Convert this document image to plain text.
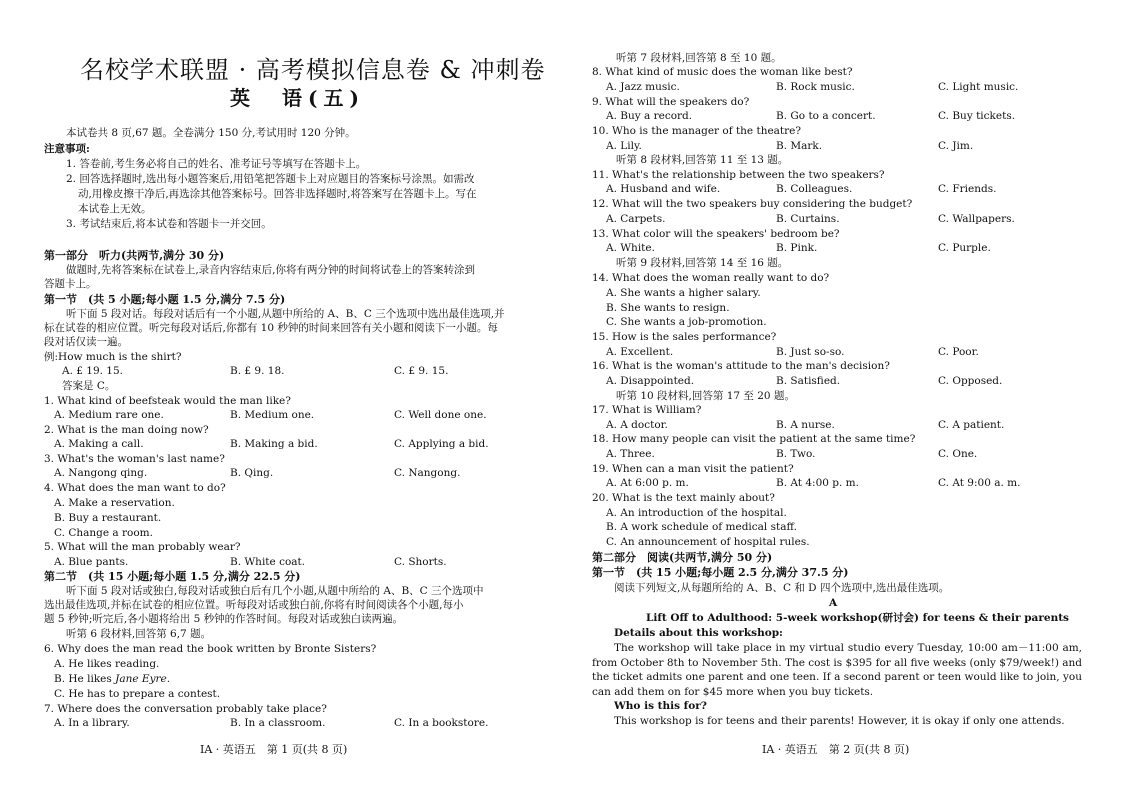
名校学术联盟 · 高考模拟信息卷 & 冲刺卷
英　语(五)
本试卷共 8 页,67 题。全卷满分 150 分,考试用时 120 分钟。
注意事项:
1. 答卷前,考生务必将自己的姓名、准考证号等填写在答题卡上。
2. 回答选择题时,选出每小题答案后,用铅笔把答题卡上对应题目的答案标号涂黑。如需改
动,用橡皮擦干净后,再选涂其他答案标号。回答非选择题时,将答案写在答题卡上。写在
本试卷上无效。
3. 考试结束后,将本试卷和答题卡一并交回。
第一部分　听力(共两节,满分 30 分)
做题时,先将答案标在试卷上,录音内容结束后,你将有两分钟的时间将试卷上的答案转涂到
答题卡上。
第一节　(共 5 小题;每小题 1.5 分,满分 7.5 分)
听下面 5 段对话。每段对话后有一个小题,从题中所给的 A、B、C 三个选项中选出最佳选项,并
标在试卷的相应位置。听完每段对话后,你都有 10 秒钟的时间来回答有关小题和阅读下一小题。每
段对话仅读一遍。
例:How much is the shirt?
A. £ 19. 15.	B. £ 9. 18.	C. £ 9. 15.
答案是 C。
1. What kind of beefsteak would the man like?
A. Medium rare one.	B. Medium one.	C. Well done one.
2. What is the man doing now?
A. Making a call.	B. Making a bid.	C. Applying a bid.
3. What's the woman's last name?
A. Nangong qing.	B. Qing.	C. Nangong.
4. What does the man want to do?
A. Make a reservation.
B. Buy a restaurant.
C. Change a room.
5. What will the man probably wear?
A. Blue pants.	B. White coat.	C. Shorts.
第二节　(共 15 小题;每小题 1.5 分,满分 22.5 分)
听下面 5 段对话或独白,每段对话或独白后有几个小题,从题中所给的 A、B、C 三个选项中
选出最佳选项,并标在试卷的相应位置。听每段对话或独白前,你将有时间阅读各个小题,每小
题 5 秒钟;听完后,各小题将给出 5 秒钟的作答时间。每段对话或独白读两遍。
听第 6 段材料,回答第 6,7 题。
6. Why does the man read the book written by Bronte Sisters?
A. He likes reading.
B. He likes Jane Eyre.
C. He has to prepare a contest.
7. Where does the conversation probably take place?
A. In a library.	B. In a classroom.	C. In a bookstore.
ⅠA · 英语五　第 1 页(共 8 页)
听第 7 段材料,回答第 8 至 10 题。
8. What kind of music does the woman like best?
A. Jazz music.	B. Rock music.	C. Light music.
9. What will the speakers do?
A. Buy a record.	B. Go to a concert.	C. Buy tickets.
10. Who is the manager of the theatre?
A. Lily.	B. Mark.	C. Jim.
听第 8 段材料,回答第 11 至 13 题。
11. What's the relationship between the two speakers?
A. Husband and wife.	B. Colleagues.	C. Friends.
12. What will the two speakers buy considering the budget?
A. Carpets.	B. Curtains.	C. Wallpapers.
13. What color will the speakers' bedroom be?
A. White.	B. Pink.	C. Purple.
听第 9 段材料,回答第 14 至 16 题。
14. What does the woman really want to do?
A. She wants a higher salary.
B. She wants to resign.
C. She wants a job-promotion.
15. How is the sales performance?
A. Excellent.	B. Just so-so.	C. Poor.
16. What is the woman's attitude to the man's decision?
A. Disappointed.	B. Satisfied.	C. Opposed.
听第 10 段材料,回答第 17 至 20 题。
17. What is William?
A. A doctor.	B. A nurse.	C. A patient.
18. How many people can visit the patient at the same time?
A. Three.	B. Two.	C. One.
19. When can a man visit the patient?
A. At 6:00 p. m.	B. At 4:00 p. m.	C. At 9:00 a. m.
20. What is the text mainly about?
A. An introduction of the hospital.
B. A work schedule of medical staff.
C. An announcement of hospital rules.
第二部分　阅读(共两节,满分 50 分)
第一节　(共 15 小题;每小题 2.5 分,满分 37.5 分)
阅读下列短文,从每题所给的 A、B、C 和 D 四个选项中,选出最佳选项。
A
Lift Off to Adulthood: 5-week workshop(研讨会) for teens & their parents
Details about this workshop:
The workshop will take place in my virtual studio every Tuesday, 10:00 am－11:00 am, from October 8th to November 5th. The cost is $395 for all five weeks (only $79/week!) and the ticket admits one parent and one teen. If a second parent or teen would like to join, you can add them on for $45 more when you buy tickets.
Who is this for?
This workshop is for teens and their parents! However, it is okay if only one attends.
ⅠA · 英语五　第 2 页(共 8 页)
